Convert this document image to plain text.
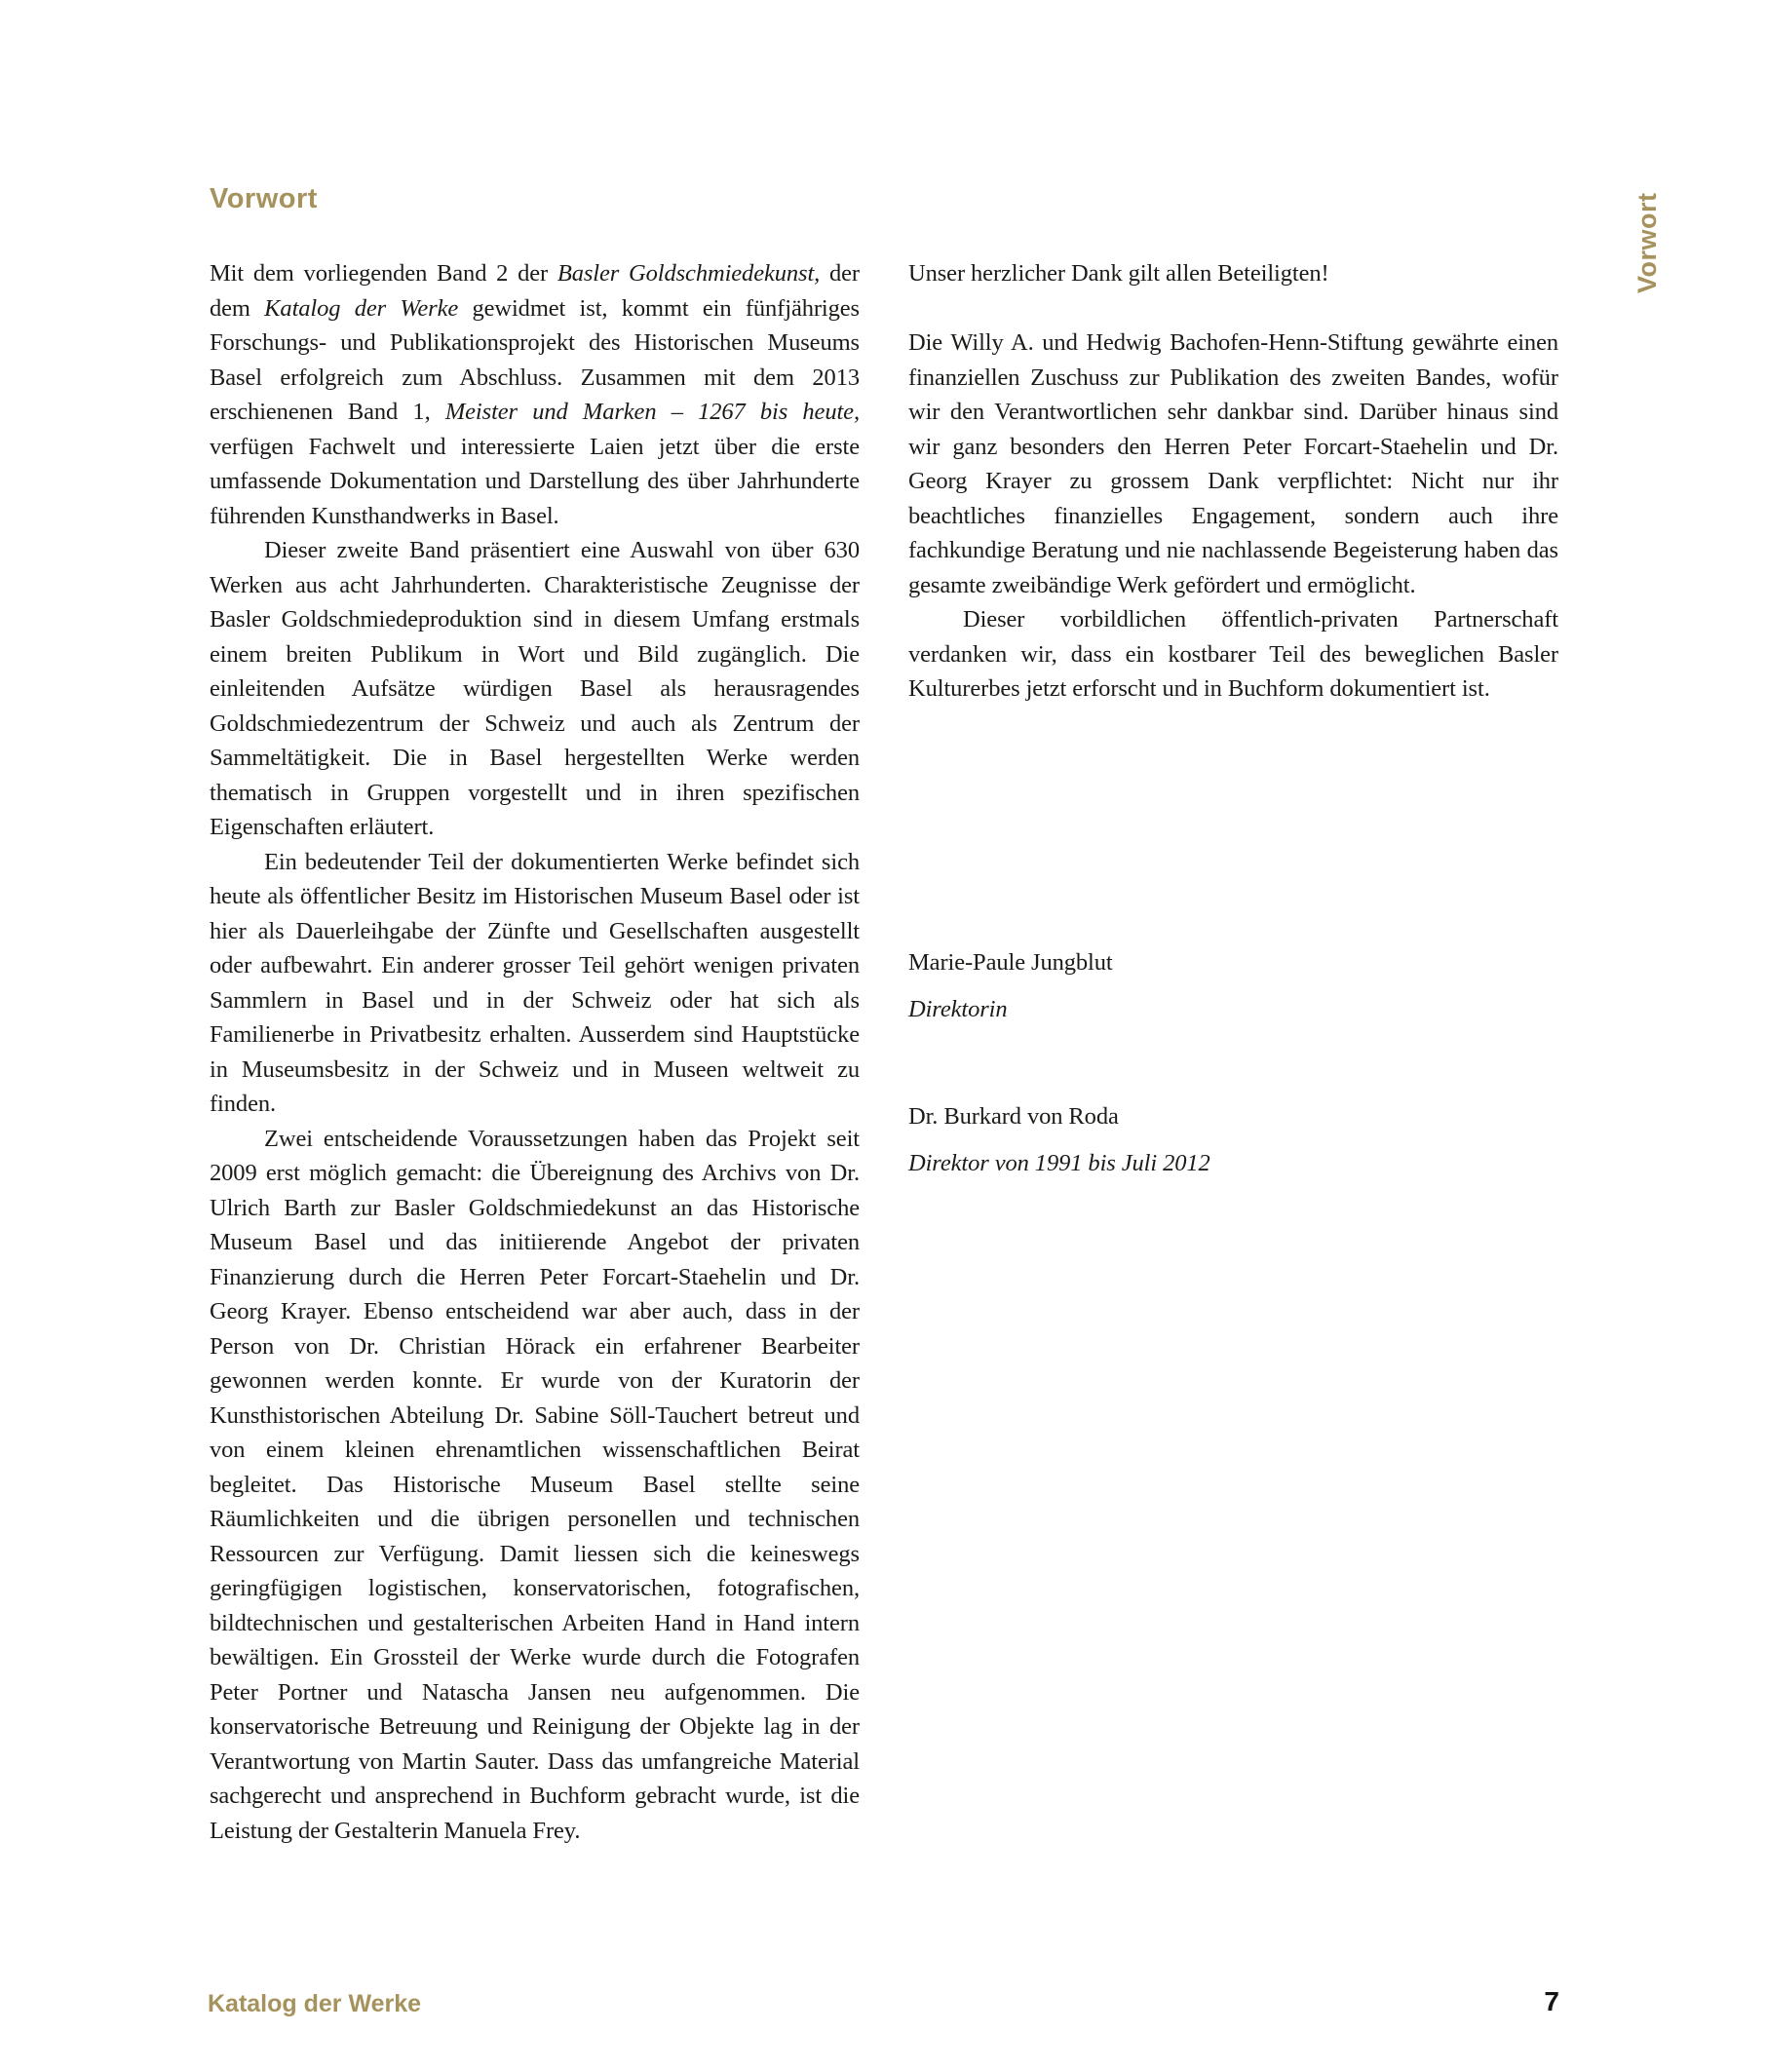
Vorwort	Vorwort

Mit dem vorliegenden Band 2 der Basler Goldschmiedekunst, der dem Katalog der Werke gewidmet ist, kommt ein fünfjähriges Forschungs- und Publikationsprojekt des Historischen Museums Basel erfolgreich zum Abschluss. Zusammen mit dem 2013 erschienenen Band 1, Meister und Marken – 1267 bis heute, verfügen Fachwelt und interessierte Laien jetzt über die erste umfassende Dokumentation und Darstellung des über Jahrhunderte führenden Kunsthandwerks in Basel.

Dieser zweite Band präsentiert eine Auswahl von über 630 Werken aus acht Jahrhunderten. Charakteristische Zeugnisse der Basler Goldschmiedeproduktion sind in diesem Umfang erstmals einem breiten Publikum in Wort und Bild zugänglich. Die einleitenden Aufsätze würdigen Basel als herausragendes Goldschmiedezentrum der Schweiz und auch als Zentrum der Sammeltätigkeit. Die in Basel hergestellten Werke werden thematisch in Gruppen vorgestellt und in ihren spezifischen Eigenschaften erläutert.

Ein bedeutender Teil der dokumentierten Werke befindet sich heute als öffentlicher Besitz im Historischen Museum Basel oder ist hier als Dauerleihgabe der Zünfte und Gesellschaften ausgestellt oder aufbewahrt. Ein anderer grosser Teil gehört wenigen privaten Sammlern in Basel und in der Schweiz oder hat sich als Familienerbe in Privatbesitz erhalten. Ausserdem sind Hauptstücke in Museumsbesitz in der Schweiz und in Museen weltweit zu finden.

Zwei entscheidende Voraussetzungen haben das Projekt seit 2009 erst möglich gemacht: die Übereignung des Archivs von Dr. Ulrich Barth zur Basler Goldschmiedekunst an das Historische Museum Basel und das initiierende Angebot der privaten Finanzierung durch die Herren Peter Forcart-Staehelin und Dr. Georg Krayer. Ebenso entscheidend war aber auch, dass in der Person von Dr. Christian Hörack ein erfahrener Bearbeiter gewonnen werden konnte. Er wurde von der Kuratorin der Kunsthistorischen Abteilung Dr. Sabine Söll-Tauchert betreut und von einem kleinen ehrenamtlichen wissenschaftlichen Beirat begleitet. Das Historische Museum Basel stellte seine Räumlichkeiten und die übrigen personellen und technischen Ressourcen zur Verfügung. Damit liessen sich die keineswegs geringfügigen logistischen, konservatorischen, fotografischen, bildtechnischen und gestalterischen Arbeiten Hand in Hand intern bewältigen. Ein Grossteil der Werke wurde durch die Fotografen Peter Portner und Natascha Jansen neu aufgenommen. Die konservatorische Betreuung und Reinigung der Objekte lag in der Verantwortung von Martin Sauter. Dass das umfangreiche Material sachgerecht und ansprechend in Buchform gebracht wurde, ist die Leistung der Gestalterin Manuela Frey.

Unser herzlicher Dank gilt allen Beteiligten!

Die Willy A. und Hedwig Bachofen-Henn-Stiftung gewährte einen finanziellen Zuschuss zur Publikation des zweiten Bandes, wofür wir den Verantwortlichen sehr dankbar sind. Darüber hinaus sind wir ganz besonders den Herren Peter Forcart-Staehelin und Dr. Georg Krayer zu grossem Dank verpflichtet: Nicht nur ihr beachtliches finanzielles Engagement, sondern auch ihre fachkundige Beratung und nie nachlassende Begeisterung haben das gesamte zweibändige Werk gefördert und ermöglicht.

Dieser vorbildlichen öffentlich-privaten Partnerschaft verdanken wir, dass ein kostbarer Teil des beweglichen Basler Kulturerbes jetzt erforscht und in Buchform dokumentiert ist.

Marie-Paule Jungblut
Direktorin
Dr. Burkard von Roda
Direktor von 1991 bis Juli 2012
Katalog der Werke	7
